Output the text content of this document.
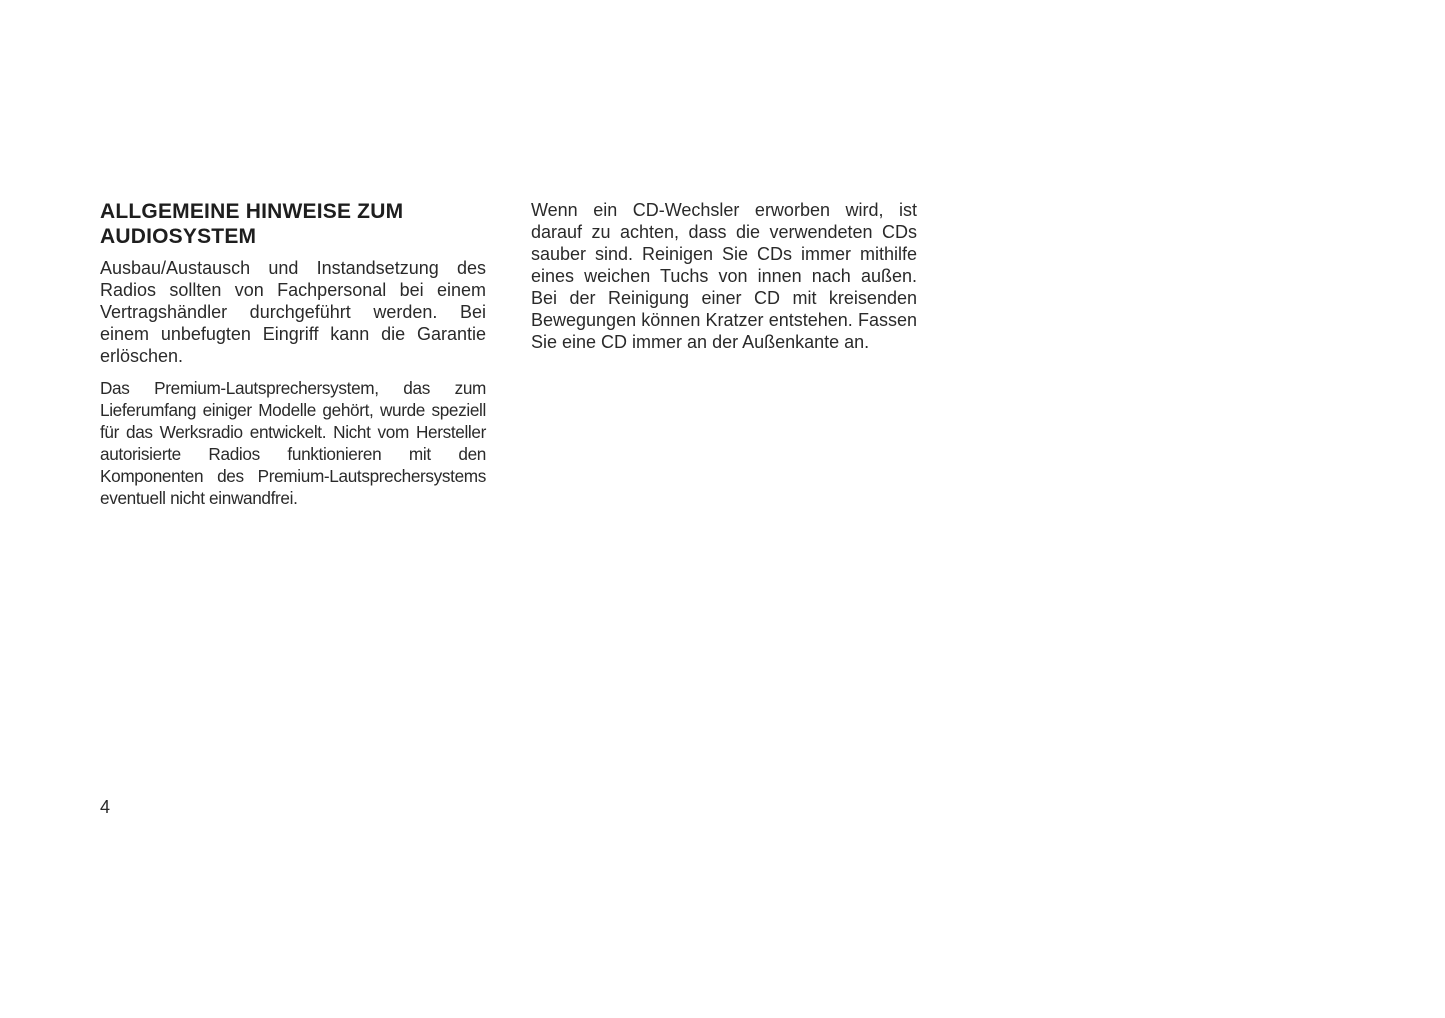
ALLGEMEINE HINWEISE ZUM
AUDIOSYSTEM

Ausbau/Austausch und Instandsetzung des Radios sollten von Fachpersonal bei einem Vertragshändler durchgeführt werden. Bei einem unbefugten Eingriff kann die Garantie erlöschen.

Das Premium-Lautsprechersystem, das zum Lieferumfang einiger Modelle gehört, wurde speziell für das Werksradio entwickelt. Nicht vom Hersteller autorisierte Radios funktionieren mit den Komponenten des Premium-Lautsprechersystems eventuell nicht einwandfrei.

Wenn ein CD-Wechsler erworben wird, ist darauf zu achten, dass die verwendeten CDs sauber sind. Reinigen Sie CDs immer mithilfe eines weichen Tuchs von innen nach außen. Bei der Reinigung einer CD mit kreisenden Bewegungen können Kratzer entstehen. Fassen Sie eine CD immer an der Außenkante an.

4
